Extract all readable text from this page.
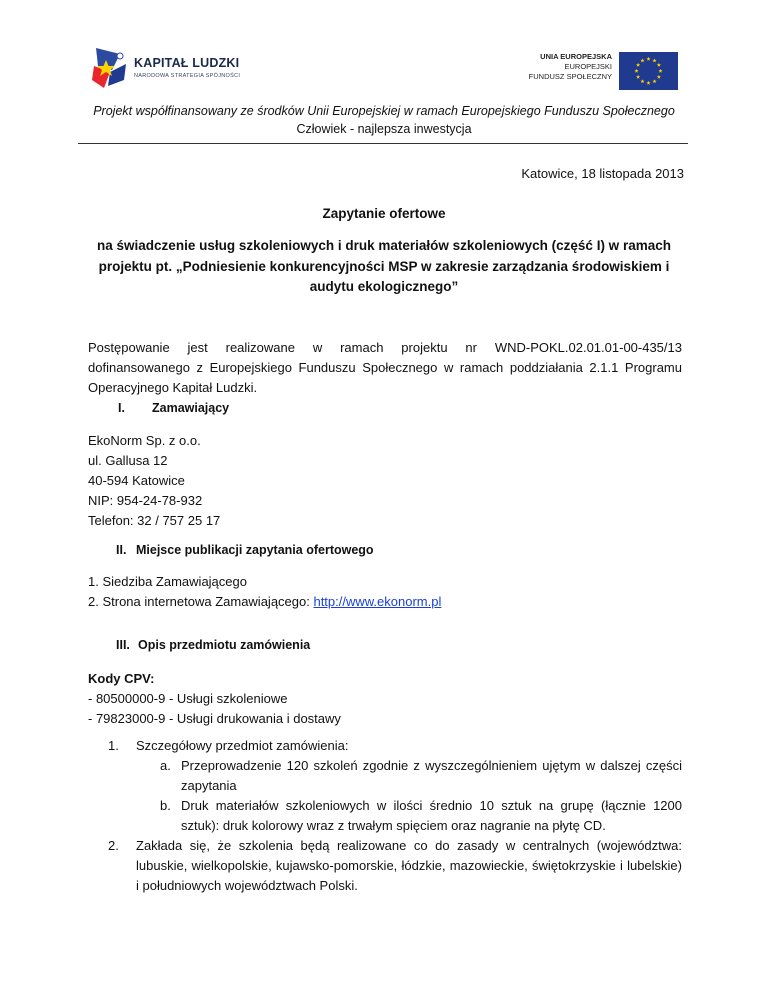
KAPITAŁ LUDZKI
NARODOWA STRATEGIA SPÓJNOŚCI
UNIA EUROPEJSKA
EUROPEJSKI
FUNDUSZ SPOŁECZNY
Projekt współfinansowany ze środków Unii Europejskiej w ramach Europejskiego Funduszu Społecznego
Człowiek - najlepsza inwestycja
Katowice, 18 listopada 2013
Zapytanie ofertowe
na świadczenie usług szkoleniowych i druk materiałów szkoleniowych (część I) w ramach
projektu pt. „Podniesienie konkurencyjności MSP w zakresie zarządzania środowiskiem i
audytu ekologicznego”
Postępowanie jest realizowane w ramach projektu nr WND-POKL.02.01.01-00-435/13 dofinansowanego z Europejskiego Funduszu Społecznego w ramach poddziałania 2.1.1 Programu Operacyjnego Kapitał Ludzki.
I. Zamawiający
EkoNorm Sp. z o.o.
ul. Gallusa 12
40-594 Katowice
NIP: 954-24-78-932
Telefon: 32 / 757 25 17
II. Miejsce publikacji zapytania ofertowego
1. Siedziba Zamawiającego
2. Strona internetowa Zamawiającego: http://www.ekonorm.pl
III. Opis przedmiotu zamówienia
Kody CPV:
- 80500000-9 - Usługi szkoleniowe
- 79823000-9 - Usługi drukowania i dostawy
1. Szczegółowy przedmiot zamówienia:
a. Przeprowadzenie 120 szkoleń zgodnie z wyszczególnieniem ujętym w dalszej części zapytania
b. Druk materiałów szkoleniowych w ilości średnio 10 sztuk na grupę (łącznie 1200 sztuk): druk kolorowy wraz z trwałym spięciem oraz nagranie na płytę CD.
2. Zakłada się, że szkolenia będą realizowane co do zasady w centralnych (województwa: lubuskie, wielkopolskie, kujawsko-pomorskie, łódzkie, mazowieckie, świętokrzyskie i lubelskie) i południowych województwach Polski.
